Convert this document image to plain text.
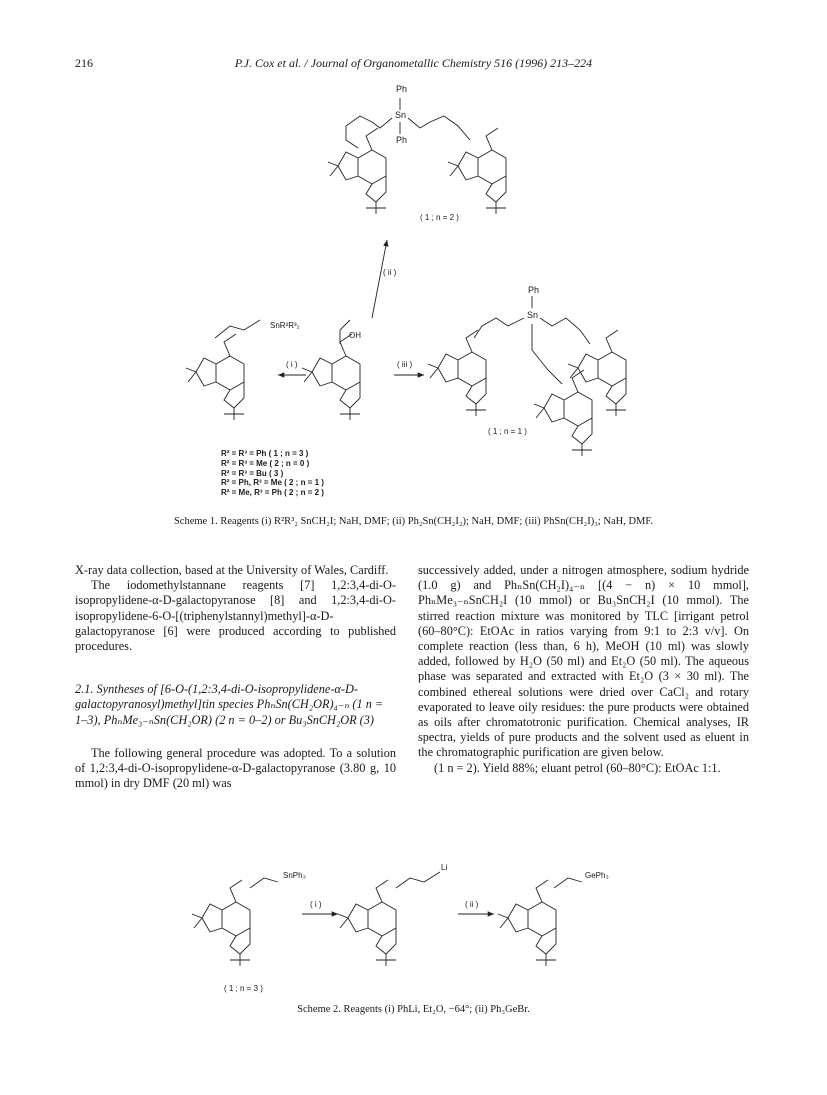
216	P.J. Cox et al. / Journal of Organometallic Chemistry 516 (1996) 213–224
Ph
Sn
Ph
( 1 ; n = 2 )
( ii )
SnR²R³₂
OH
( i )	( iii )
Ph
Sn
( 1 ; n = 1 )
R² = R³ = Ph ( 1 ; n = 3 )
R² = R³ = Me ( 2 ; n = 0 )
R² = R³ = Bu ( 3 )
R² = Ph, R³ = Me ( 2 ; n = 1 )
R² = Me, R³ = Ph ( 2 ; n = 2 )
Scheme 1. Reagents (i) R²R³₂ SnCH₂I; NaH, DMF; (ii) Ph₂Sn(CH₂I₂); NaH, DMF; (iii) PhSn(CH₂I)₃; NaH, DMF.

X-ray data collection, based at the University of Wales, Cardiff.

The iodomethylstannane reagents [7] 1,2:3,4-di-O-isopropylidene-α-D-galactopyranose [8] and 1,2:3,4-di-O-isopropylidene-6-O-[(triphenylstannyl)methyl]-α-D-galactopyranose [6] were produced according to published procedures.

2.1. Syntheses of [6-O-(1,2:3,4-di-O-isopropylidene-α-D-galactopyranosyl)methyl]tin species PhₙSn(CH₂OR)₄₋ₙ (1 n = 1–3), PhₙMe₃₋ₙSn(CH₂OR) (2 n = 0–2) or Bu₃SnCH₂OR (3)

The following general procedure was adopted. To a solution of 1,2:3,4-di-O-isopropylidene-α-D-galactopyranose (3.80 g, 10 mmol) in dry DMF (20 ml) was

successively added, under a nitrogen atmosphere, sodium hydride (1.0 g) and PhₙSn(CH₂I)₄₋ₙ [(4 − n) × 10 mmol], PhₙMe₃₋ₙSnCH₂I (10 mmol) or Bu₃SnCH₂I (10 mmol). The stirred reaction mixture was monitored by TLC [irrigant petrol (60–80°C): EtOAc in ratios varying from 9:1 to 2:3 v/v]. On complete reaction (less than, 6 h), MeOH (10 ml) was slowly added, followed by H₂O (50 ml) and Et₂O (50 ml). The aqueous phase was separated and extracted with Et₂O (3 × 30 ml). The combined ethereal solutions were dried over CaCl₂ and rotary evaporated to leave oily residues: the pure products were obtained as oils after chromatotronic purification. Chemical analyses, IR spectra, yields of pure products and the solvent used as eluent in the chromatographic purification are given below.

(1 n = 2). Yield 88%; eluant petrol (60–80°C): EtOAc 1:1.

SnPh₃
Li
GePh₃
( i )	( ii )
( 1 ; n = 3 )
Scheme 2. Reagents (i) PhLi, Et₂O, −64°; (ii) Ph₃GeBr.
